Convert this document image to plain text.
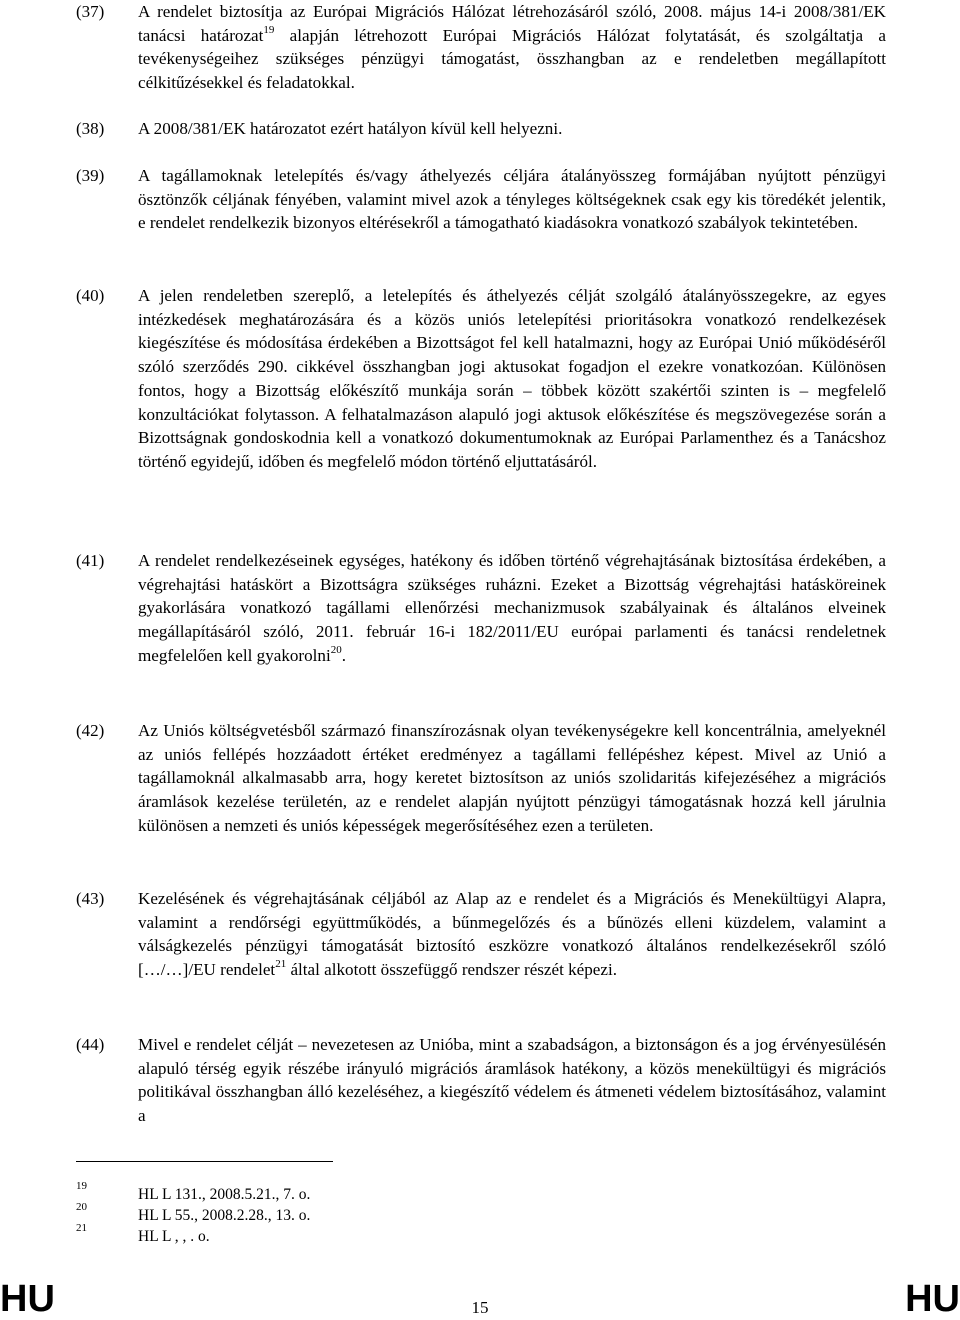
(37) A rendelet biztosítja az Európai Migrációs Hálózat létrehozásáról szóló, 2008. május 14-i 2008/381/EK tanácsi határozat$^{19}$ alapján létrehozott Európai Migrációs Hálózat folytatását, és szolgáltatja a tevékenységeihez szükséges pénzügyi támogatást, összhangban az e rendeletben megállapított célkitűzésekkel és feladatokkal.
(38) A 2008/381/EK határozatot ezért hatályon kívül kell helyezni.
(39) A tagállamoknak letelepítés és/vagy áthelyezés céljára átalányösszeg formájában nyújtott pénzügyi ösztönzők céljának fényében, valamint mivel azok a tényleges költségeknek csak egy kis töredékét jelentik, e rendelet rendelkezik bizonyos eltérésekről a támogatható kiadásokra vonatkozó szabályok tekintetében.
(40) A jelen rendeletben szereplő, a letelepítés és áthelyezés célját szolgáló átalányösszegekre, az egyes intézkedések meghatározására és a közös uniós letelepítési prioritásokra vonatkozó rendelkezések kiegészítése és módosítása érdekében a Bizottságot fel kell hatalmazni, hogy az Európai Unió működéséről szóló szerződés 290. cikkével összhangban jogi aktusokat fogadjon el ezekre vonatkozóan. Különösen fontos, hogy a Bizottság előkészítő munkája során – többek között szakértői szinten is – megfelelő konzultációkat folytasson. A felhatalmazáson alapuló jogi aktusok előkészítése és megszövegezése során a Bizottságnak gondoskodnia kell a vonatkozó dokumentumoknak az Európai Parlamenthez és a Tanácshoz történő egyidejű, időben és megfelelő módon történő eljuttatásáról.
(41) A rendelet rendelkezéseinek egységes, hatékony és időben történő végrehajtásának biztosítása érdekében, a végrehajtási hatáskört a Bizottságra szükséges ruházni. Ezeket a Bizottság végrehajtási hatásköreinek gyakorlására vonatkozó tagállami ellenőrzési mechanizmusok szabályainak és általános elveinek megállapításáról szóló, 2011. február 16-i 182/2011/EU európai parlamenti és tanácsi rendeletnek megfelelően kell gyakorolni$^{20}$.
(42) Az Uniós költségvetésből származó finanszírozásnak olyan tevékenységekre kell koncentrálnia, amelyeknél az uniós fellépés hozzáadott értéket eredményez a tagállami fellépéshez képest. Mivel az Unió a tagállamoknál alkalmasabb arra, hogy keretet biztosítson az uniós szolidaritás kifejezéséhez a migrációs áramlások kezelése területén, az e rendelet alapján nyújtott pénzügyi támogatásnak hozzá kell járulnia különösen a nemzeti és uniós képességek megerősítéséhez ezen a területen.
(43) Kezelésének és végrehajtásának céljából az Alap az e rendelet és a Migrációs és Menekültügyi Alapra, valamint a rendőrségi együttműködés, a bűnmegelőzés és a bűnözés elleni küzdelem, valamint a válságkezelés pénzügyi támogatását biztosító eszközre vonatkozó általános rendelkezésekről szóló […/…]/EU rendelet$^{21}$ által alkotott összefüggő rendszer részét képezi.
(44) Mivel e rendelet célját – nevezetesen az Unióba, mint a szabadságon, a biztonságon és a jog érvényesülésén alapuló térség egyik részébe irányuló migrációs áramlások hatékony, a közös menekültügyi és migrációs politikával összhangban álló kezeléséhez, a kiegészítő védelem és átmeneti védelem biztosításához, valamint a
19	HL L 131., 2008.5.21., 7. o.
20	HL L 55., 2008.2.28., 13. o.
21	HL L , , . o.
HU	15	HU
